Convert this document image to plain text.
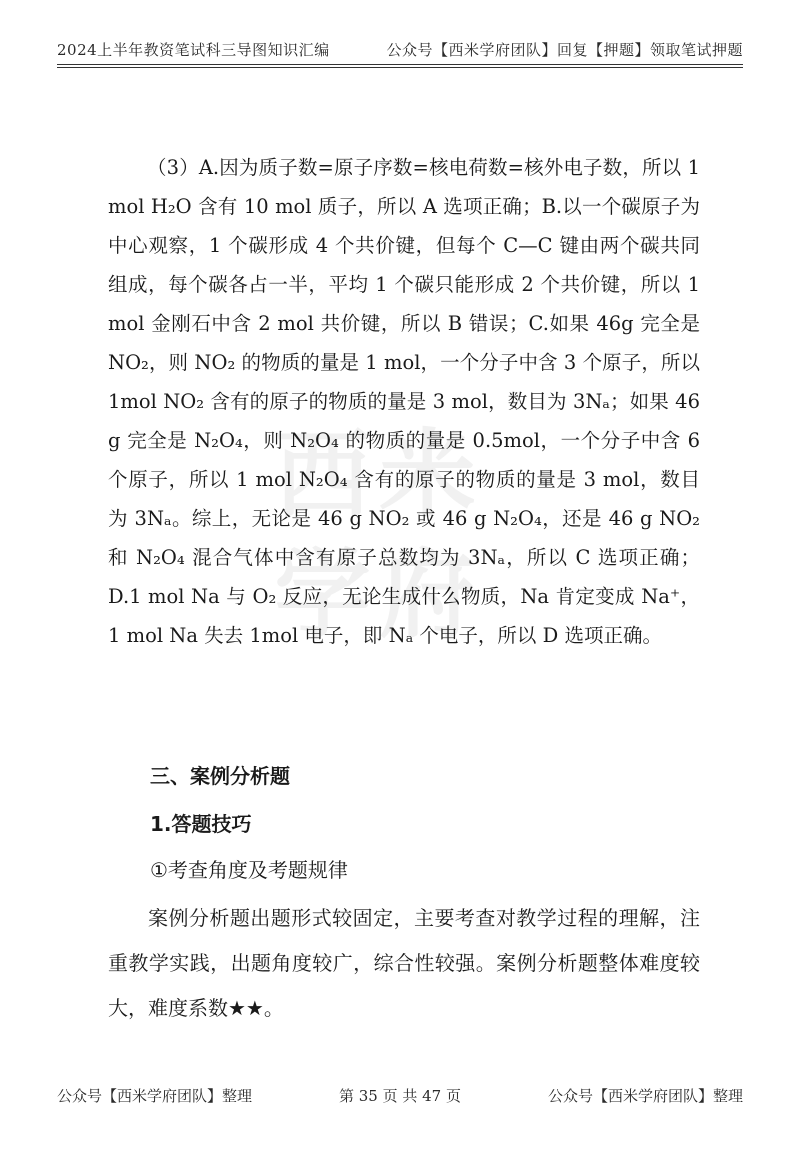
2024上半年教资笔试科三导图知识汇编	公众号【西米学府团队】回复【押题】领取笔试押题
西 米
学 府

（3）A.因为质子数=原子序数=核电荷数=核外电子数，所以 1 mol H₂O 含有 10 mol 质子，所以 A 选项正确；B.以一个碳原子为中心观察，1 个碳形成 4 个共价键，但每个 C—C 键由两个碳共同组成，每个碳各占一半，平均 1 个碳只能形成 2 个共价键，所以 1 mol 金刚石中含 2 mol 共价键，所以 B 错误；C.如果 46g 完全是 NO₂，则 NO₂ 的物质的量是 1 mol，一个分子中含 3 个原子，所以 1mol NO₂ 含有的原子的物质的量是 3 mol，数目为 3Nₐ；如果 46 g 完全是 N₂O₄，则 N₂O₄ 的物质的量是 0.5mol，一个分子中含 6 个原子，所以 1 mol N₂O₄ 含有的原子的物质的量是 3 mol，数目为 3Nₐ。综上，无论是 46 g NO₂ 或 46 g N₂O₄，还是 46 g NO₂ 和 N₂O₄ 混合气体中含有原子总数均为 3Nₐ，所以 C 选项正确；D.1 mol Na 与 O₂ 反应，无论生成什么物质，Na 肯定变成 Na⁺，1 mol Na 失去 1mol 电子，即 Nₐ 个电子，所以 D 选项正确。

三、案例分析题
1.答题技巧
①考查角度及考题规律

案例分析题出题形式较固定，主要考查对教学过程的理解，注重教学实践，出题角度较广，综合性较强。案例分析题整体难度较大，难度系数★★。

公众号【西米学府团队】整理	第 35 页 共 47 页	公众号【西米学府团队】整理
